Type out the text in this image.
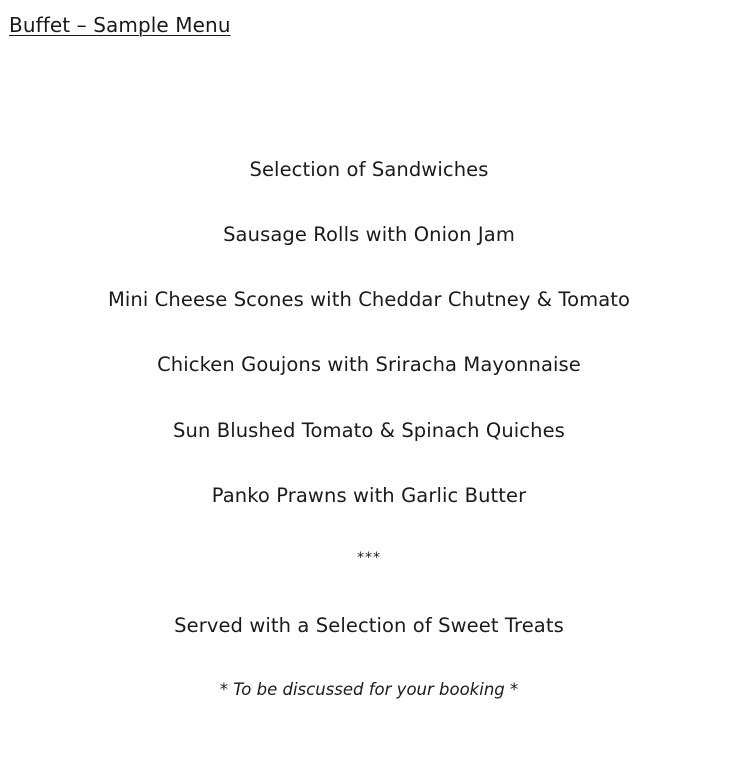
Buffet – Sample Menu
Selection of Sandwiches
Sausage Rolls with Onion Jam
Mini Cheese Scones with Cheddar Chutney & Tomato
Chicken Goujons with Sriracha Mayonnaise
Sun Blushed Tomato & Spinach Quiches
Panko Prawns with Garlic Butter
***
Served with a Selection of Sweet Treats
* To be discussed for your booking *
